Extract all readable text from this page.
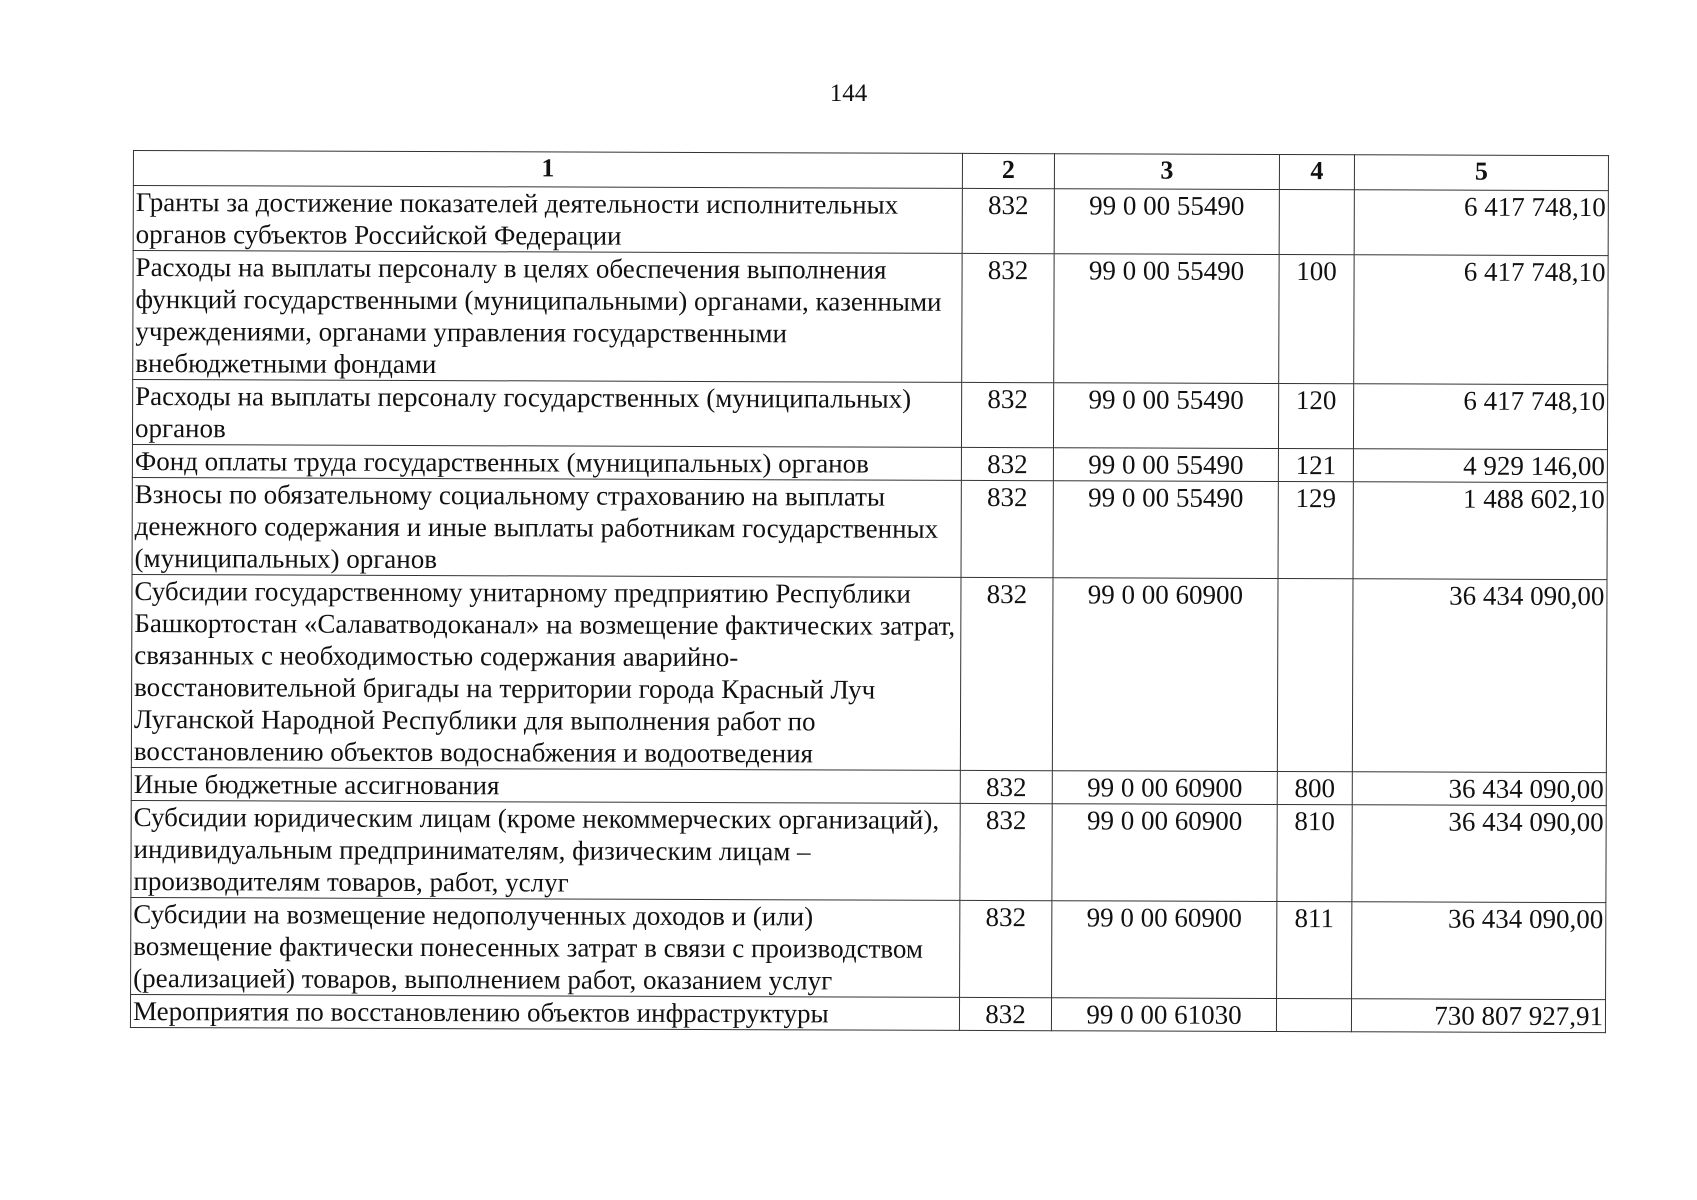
144
1	2	3	4	5
Гранты за достижение показателей деятельности исполнительных органов субъектов Российской Федерации	832	99 0 00 55490		6 417 748,10
Расходы на выплаты персоналу в целях обеспечения выполнения функций государственными (муниципальными) органами, казенными учреждениями, органами управления государственными внебюджетными фондами	832	99 0 00 55490	100	6 417 748,10
Расходы на выплаты персоналу государственных (муниципальных) органов	832	99 0 00 55490	120	6 417 748,10
Фонд оплаты труда государственных (муниципальных) органов	832	99 0 00 55490	121	4 929 146,00
Взносы по обязательному социальному страхованию на выплаты денежного содержания и иные выплаты работникам государственных (муниципальных) органов	832	99 0 00 55490	129	1 488 602,10
Субсидии государственному унитарному предприятию Республики Башкортостан «Салаватводоканал» на возмещение фактических затрат, связанных с необходимостью содержания аварийно-восстановительной бригады на территории города Красный Луч Луганской Народной Республики для выполнения работ по восстановлению объектов водоснабжения и водоотведения	832	99 0 00 60900		36 434 090,00
Иные бюджетные ассигнования	832	99 0 00 60900	800	36 434 090,00
Субсидии юридическим лицам (кроме некоммерческих организаций), индивидуальным предпринимателям, физическим лицам – производителям товаров, работ, услуг	832	99 0 00 60900	810	36 434 090,00
Субсидии на возмещение недополученных доходов и (или) возмещение фактически понесенных затрат в связи с производством (реализацией) товаров, выполнением работ, оказанием услуг	832	99 0 00 60900	811	36 434 090,00
Мероприятия по восстановлению объектов инфраструктуры	832	99 0 00 61030		730 807 927,91
